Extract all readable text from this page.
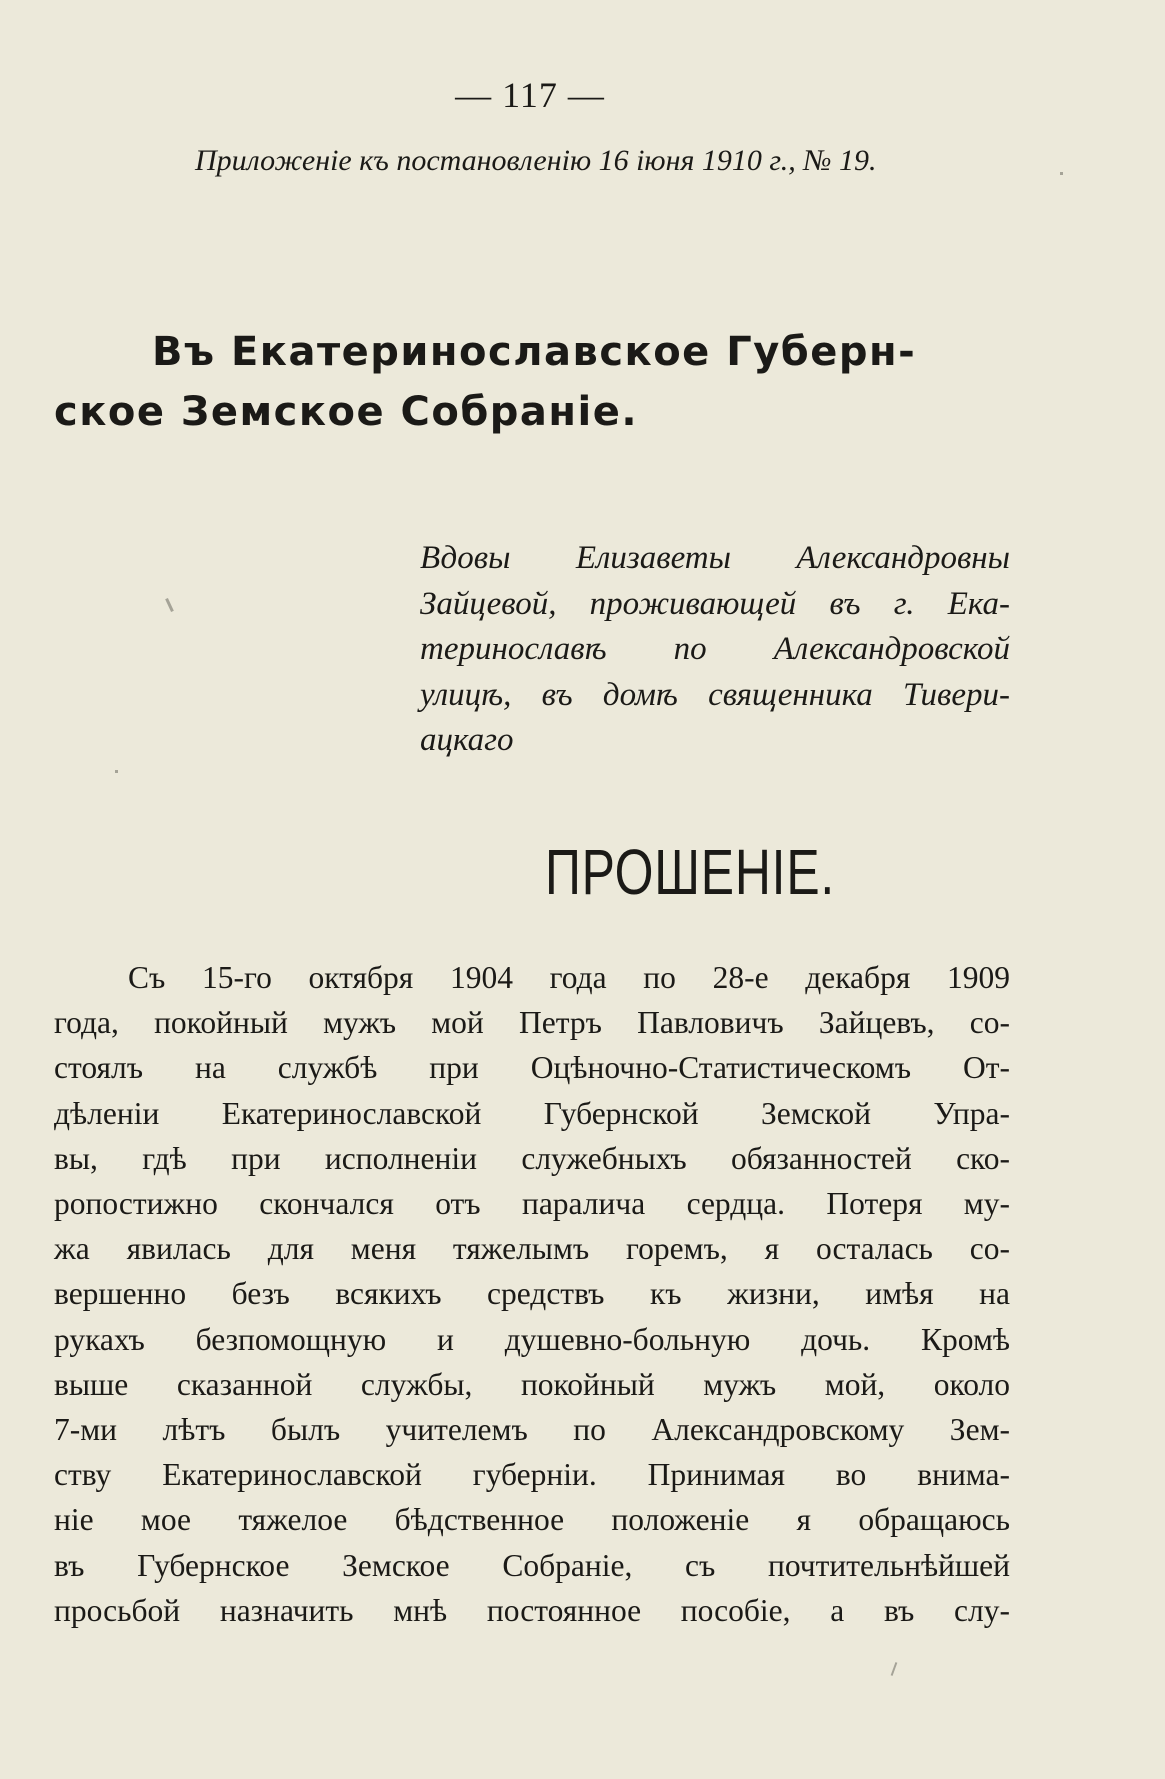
— 117 —
Приложеніе къ постановленію 16 іюня 1910 г., № 19.
Въ Екатеринославское Губерн-
ское Земское Собраніе.
Вдовы Елизаветы Александровны
Зайцевой, проживающей въ г. Ека-
теринославѣ по Александровской
улицѣ, въ домѣ священника Тивери-
ацкаго
ПРОШЕНІЕ.
Съ 15-го октября 1904 года по 28-е декабря 1909
года, покойный мужъ мой Петръ Павловичъ Зайцевъ, со-
стоялъ на службѣ при Оцѣночно-Статистическомъ От-
дѣленіи Екатеринославской Губернской Земской Упра-
вы, гдѣ при исполненіи служебныхъ обязанностей ско-
ропостижно скончался отъ паралича сердца. Потеря му-
жа явилась для меня тяжелымъ горемъ, я осталась со-
вершенно безъ всякихъ средствъ къ жизни, имѣя на
рукахъ безпомощную и душевно-больную дочь. Кромѣ
выше сказанной службы, покойный мужъ мой, около
7-ми лѣтъ былъ учителемъ по Александровскому Зем-
ству Екатеринославской губерніи. Принимая во внима-
ніе мое тяжелое бѣдственное положеніе я обращаюсь
въ Губернское Земское Собраніе, съ почтительнѣйшей
просьбой назначить мнѣ постоянное пособіе, а въ слу-
